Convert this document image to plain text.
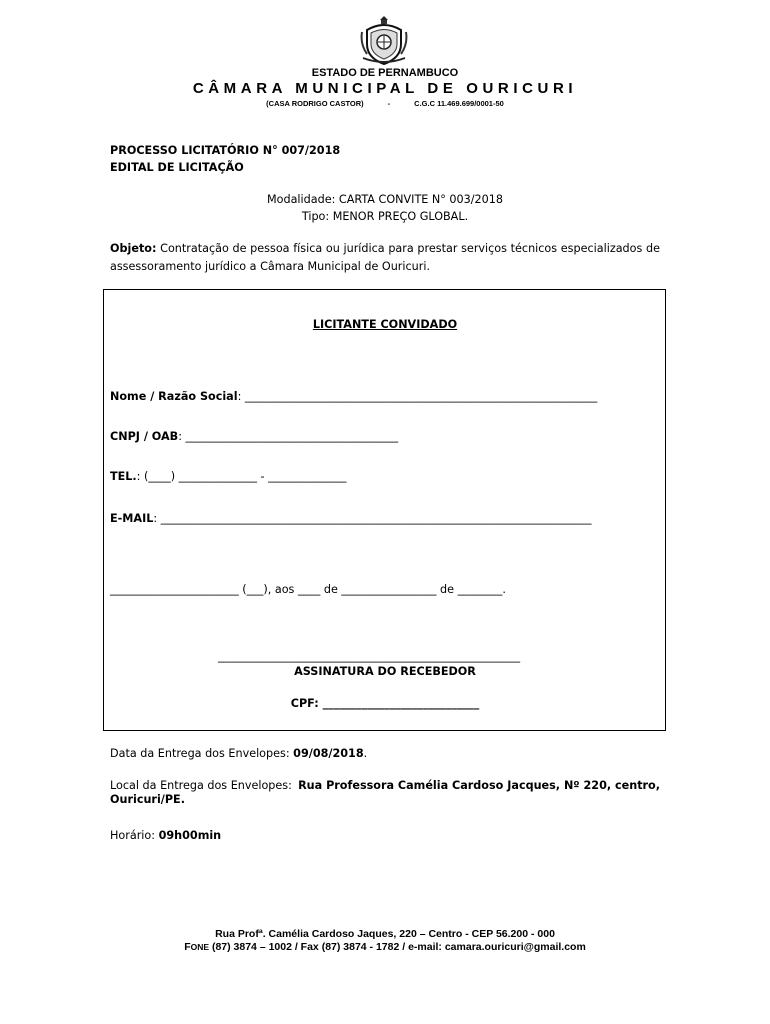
ESTADO DE PERNAMBUCO
CÂMARA MUNICIPAL DE OURICURI
(CASA RODRIGO CASTOR)	-	C.G.C 11.469.699/0001-50
PROCESSO LICITATÓRIO N° 007/2018
EDITAL DE LICITAÇÃO
Modalidade: CARTA CONVITE N° 003/2018
Tipo: MENOR PREÇO GLOBAL.
Objeto: Contratação de pessoa física ou jurídica para prestar serviços técnicos especializados de assessoramento jurídico a Câmara Municipal de Ouricuri.
LICITANTE CONVIDADO
Nome / Razão Social: _______________________________________________________________
CNPJ / OAB: ______________________________________
TEL.: (____) ______________ - ______________
E-MAIL: _____________________________________________________________________________
_______________________ (___), aos ____ de _________________ de ________.
______________________________________________________
ASSINATURA DO RECEBEDOR
CPF: ____________________________
Data da Entrega dos Envelopes: 09/08/2018.
Local da Entrega dos Envelopes: Rua Professora Camélia Cardoso Jacques, Nº 220, centro,
Ouricuri/PE.
Horário: 09h00min
Rua Profª. Camélia Cardoso Jaques, 220 – Centro - CEP 56.200 - 000
FONE (87) 3874 – 1002 / Fax (87) 3874 - 1782 / e-mail: camara.ouricuri@gmail.com
